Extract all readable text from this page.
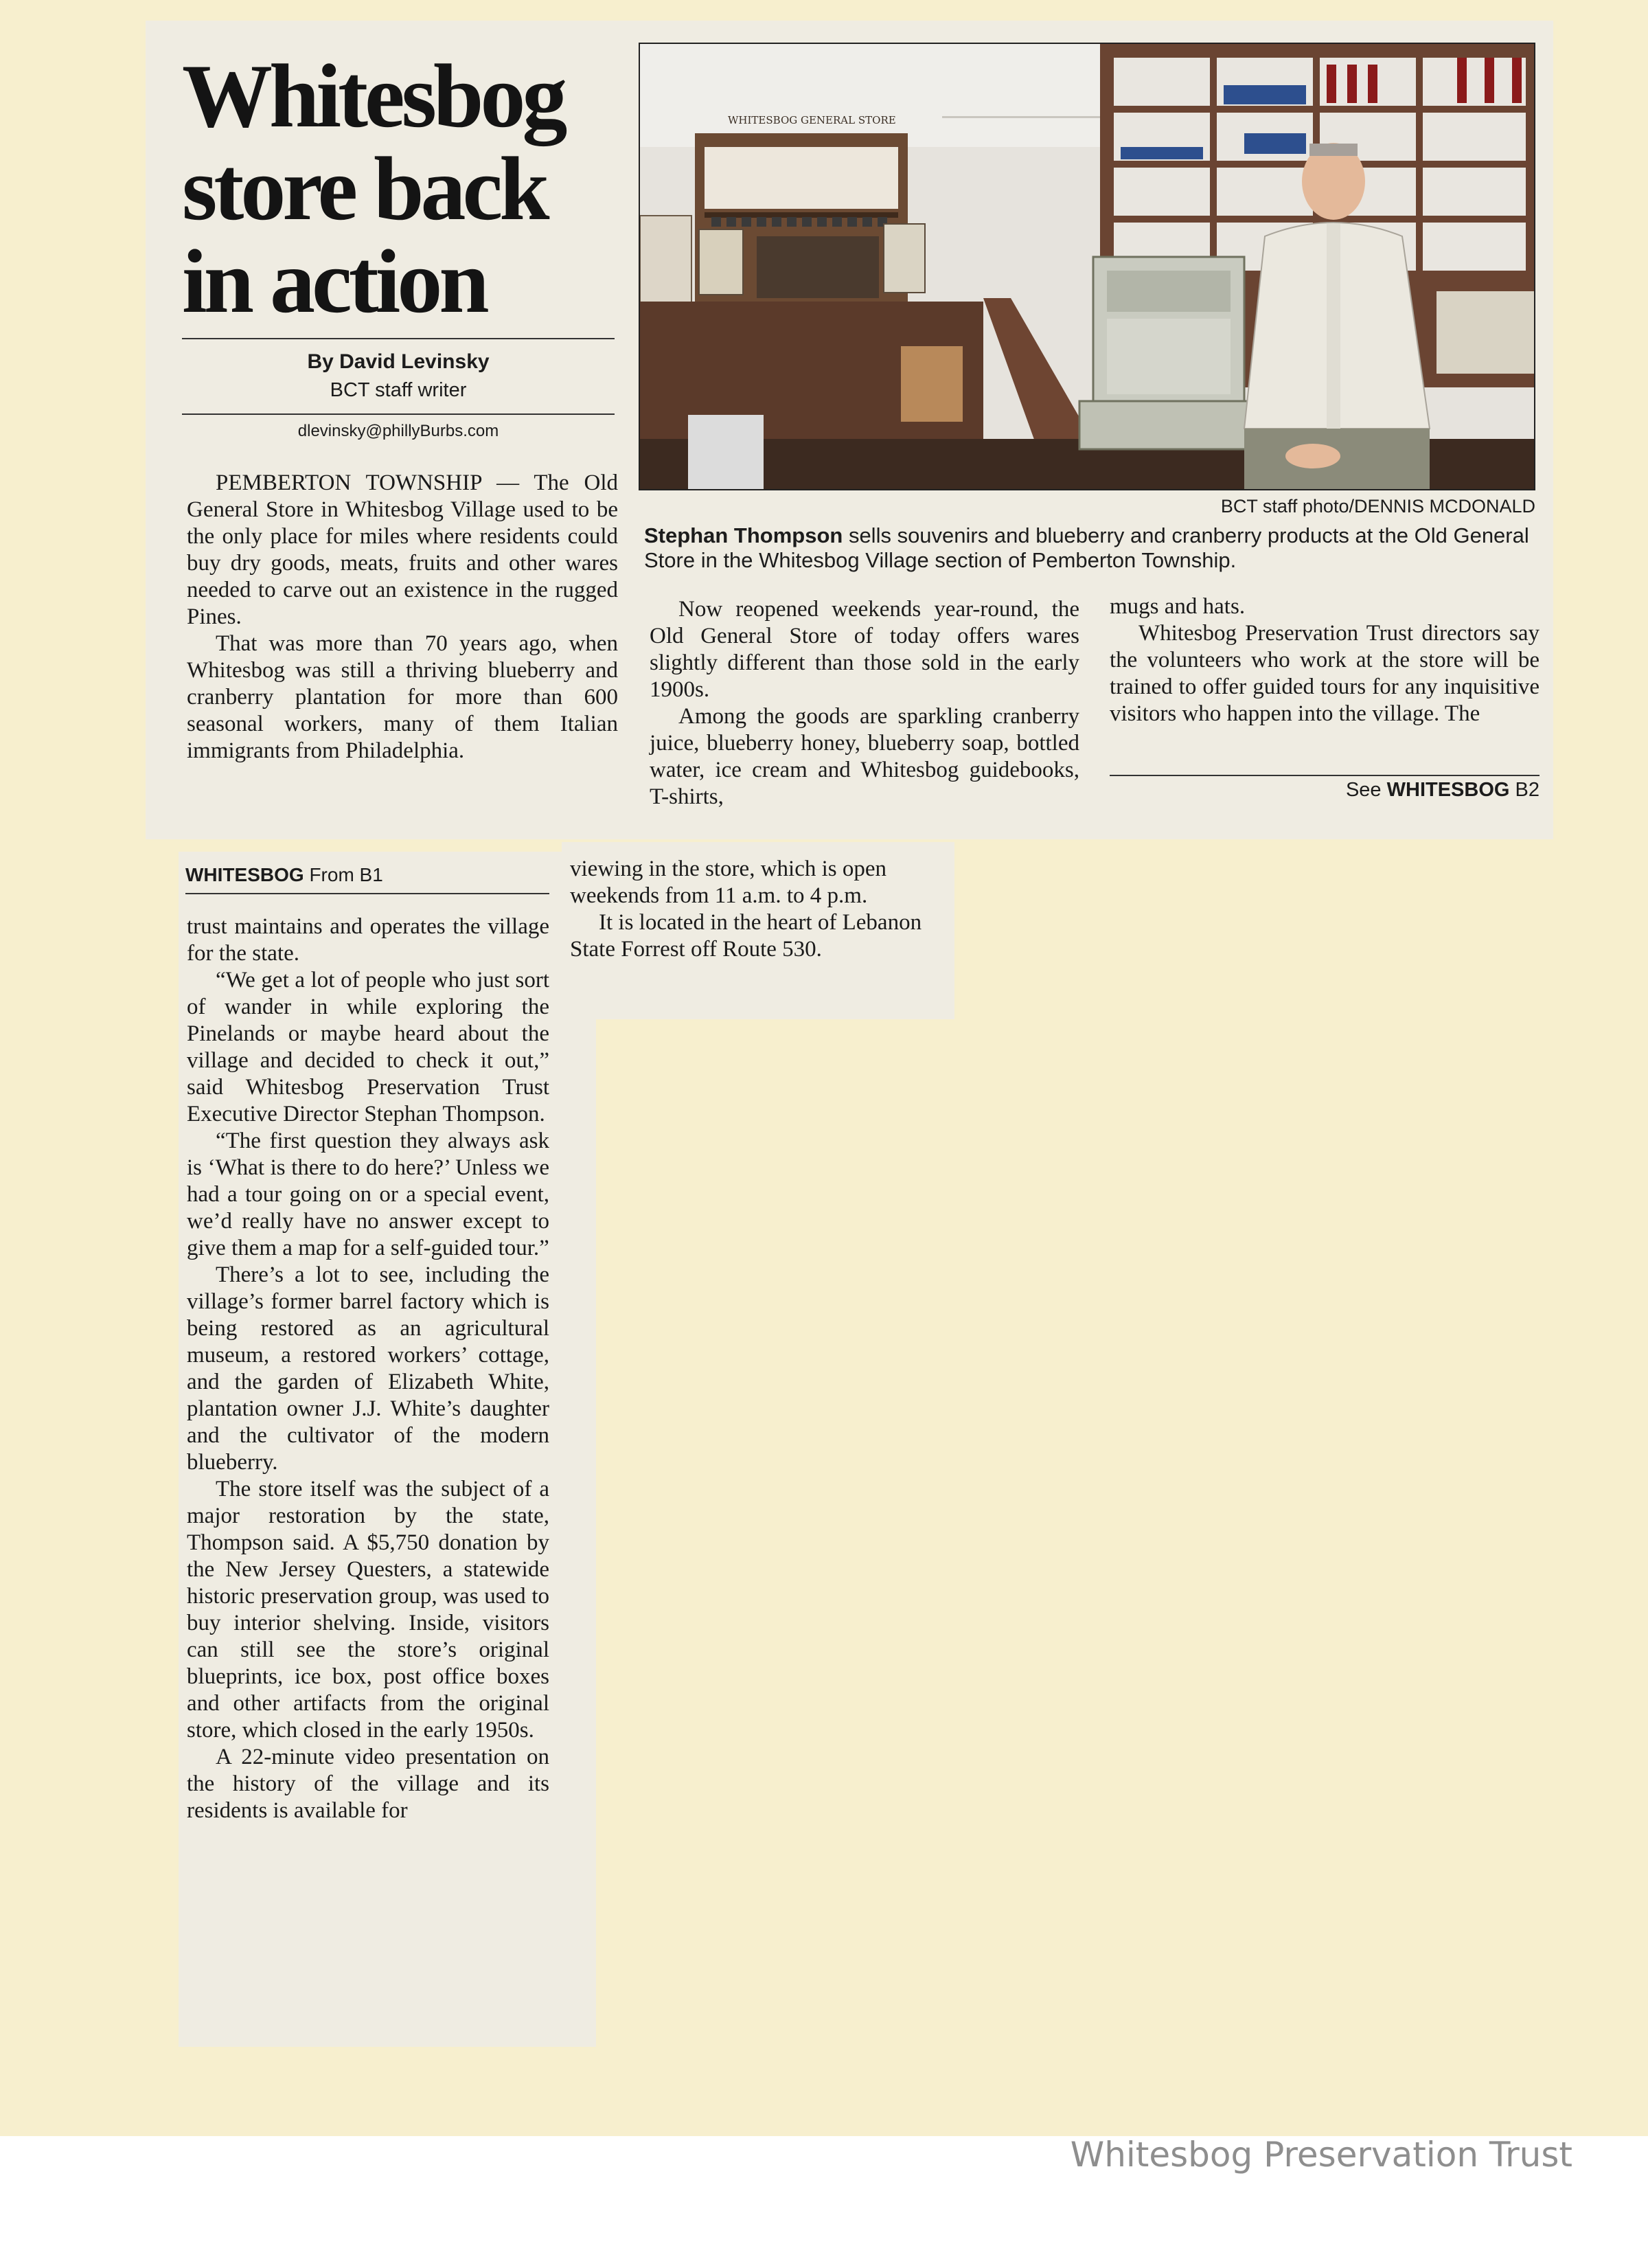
Whitesbog
store back
in action
By David Levinsky
BCT staff writer
dlevinsky@phillyBurbs.com

PEMBERTON TOWNSHIP — The Old General Store in Whitesbog Village used to be the only place for miles where residents could buy dry goods, meats, fruits and other wares needed to carve out an existence in the rugged Pines.

That was more than 70 years ago, when Whitesbog was still a thriving blueberry and cranberry plantation for more than 600 seasonal workers, many of them Italian immigrants from Philadelphia.

WHITESBOG GENERAL STORE
BCT staff photo/DENNIS MCDONALD
Stephan Thompson sells souvenirs and blueberry and cranberry products at the Old General Store in the Whitesbog Village section of Pemberton Township.

Now reopened weekends year-round, the Old General Store of today offers wares slightly different than those sold in the early 1900s.

Among the goods are sparkling cranberry juice, blueberry honey, blueberry soap, bottled water, ice cream and Whitesbog guidebooks, T-shirts,

mugs and hats.

Whitesbog Preservation Trust directors say the volunteers who work at the store will be trained to offer guided tours for any inquisitive visitors who happen into the village. The

See WHITESBOG B2
WHITESBOG From B1

trust maintains and operates the village for the state.

“We get a lot of people who just sort of wander in while exploring the Pinelands or maybe heard about the village and decided to check it out,” said Whitesbog Preservation Trust Executive Director Stephan Thompson.

“The first question they always ask is ‘What is there to do here?’ Unless we had a tour going on or a special event, we’d really have no answer except to give them a map for a self-guided tour.”

There’s a lot to see, including the village’s former barrel factory which is being restored as an agricultural museum, a restored workers’ cottage, and the garden of Elizabeth White, plantation owner J.J. White’s daughter and the cultivator of the modern blueberry.

The store itself was the subject of a major restoration by the state, Thompson said. A $5,750 donation by the New Jersey Questers, a statewide historic preservation group, was used to buy interior shelving. Inside, visitors can still see the store’s original blueprints, ice box, post office boxes and other artifacts from the original store, which closed in the early 1950s.

A 22-minute video presentation on the history of the village and its residents is available for

viewing in the store, which is open weekends from 11 a.m. to 4 p.m.

It is located in the heart of Lebanon State Forrest off Route 530.

Whitesbog Preservation Trust
